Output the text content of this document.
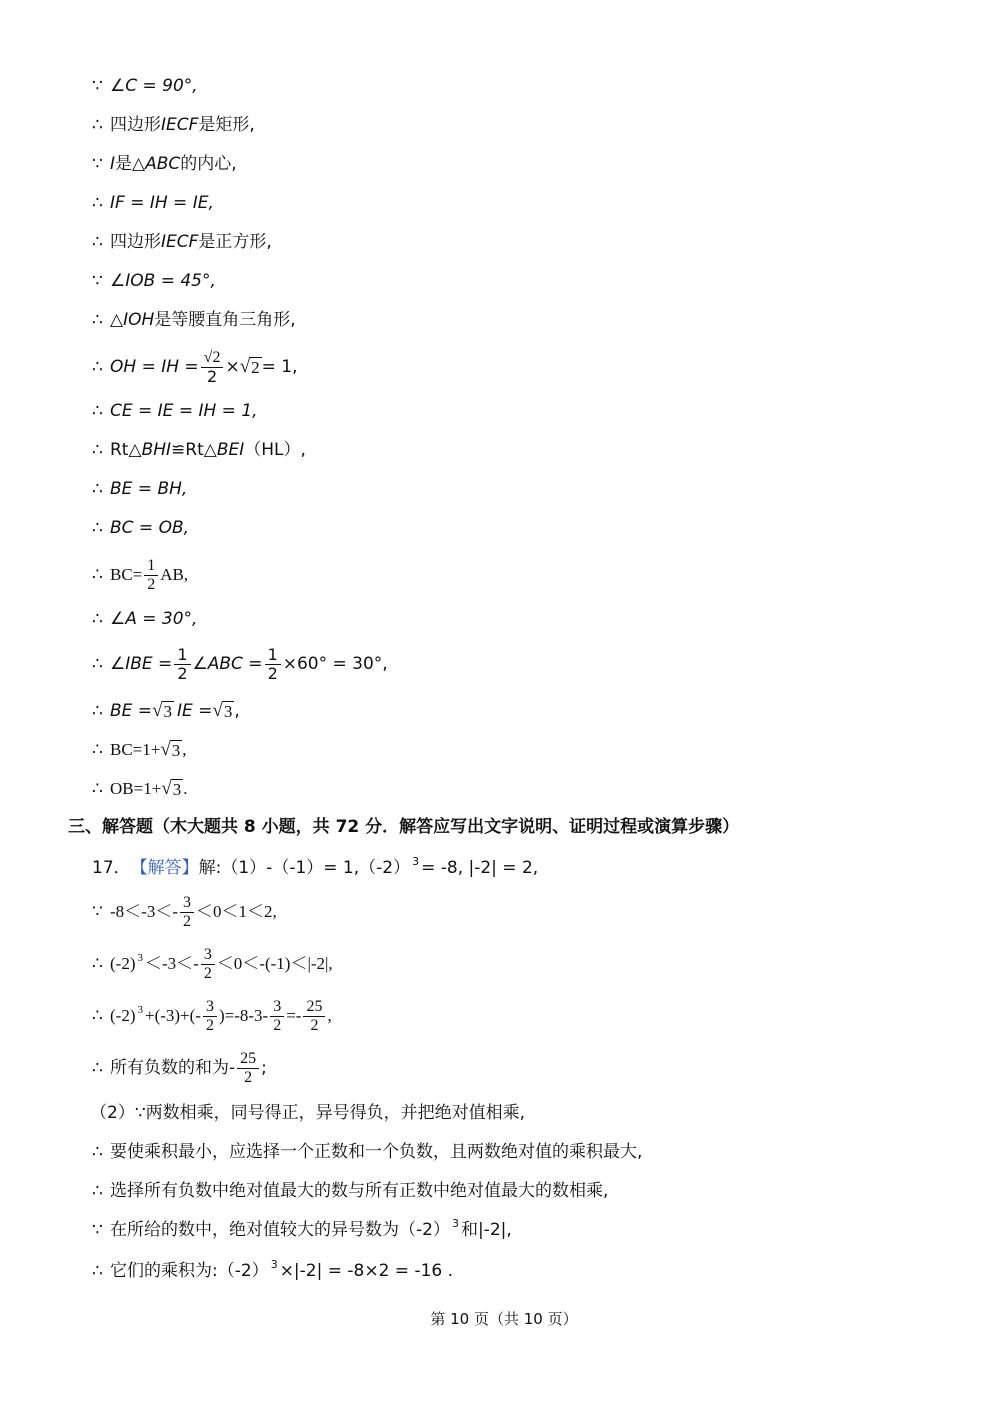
∵ ∠C = 90°,
∴ 四边形 IECF 是矩形,
∵ I 是△ ABC 的内心,
∴ IF = IH = IE,
∴ 四边形 IECF 是正方形,
∵ ∠IOB = 45°,
∴ △ IOH 是等腰直角三角形,
∴ OH = IH = $\frac{√2}{2}$ × √ 2 = 1,
∴ CE = IE = IH = 1,
∴ Rt△ BHI ≌Rt△ BEI （HL）,
∴ BE = BH,
∴ BC = OB,
∴ $BC= \frac{1}{2}$ AB,
∴ ∠A = 30°,
∴ ∠IBE = $\frac{1}{2}$ ∠ABC = $\frac{1}{2} \times 60^\circ = 30^\circ$,
∴ BE = √ 3 IE = √ 3 ,
∴ BC=1+ √ 3 ,
∴ OB=1+ √ 3 .
三、解答题（木大题共 8 小题，共 72 分．解答应写出文字说明、证明过程或演算步骤）
17． 【解答】 解:（1）-（-1）= $1,(-2)^3 = -8$, |-2| = 2,
∵ $-8<-3<- \frac{3}{2} <0<1<2$,
∴ $(-2)^3 <-3<- \frac{3}{2} <0<-(-1)<|-2|$,
∴ $(-2)^3 +(-3)+(- \frac{3}{2} )=-8-3- \frac{3}{2} =- \frac{25}{2}$ ,
∴ 所有负数的和为- $\frac{25}{2}$ ;
（2）∵两数相乘，同号得正，异号得负，并把绝对值相乘,
∴ 要使乘积最小，应选择一个正数和一个负数，且两数绝对值的乘积最大,
∴ 选择所有负数中绝对值最大的数与所有正数中绝对值最大的数相乘,
∵ 在所给的数中，绝对值较大的异号数为$(-2)^3$ 和|-2|,
∴ 它们的乘积为$:(-2)^3 \times|-2| = -8\times 2 = -16$ .
第 10 页（共 10 页）
